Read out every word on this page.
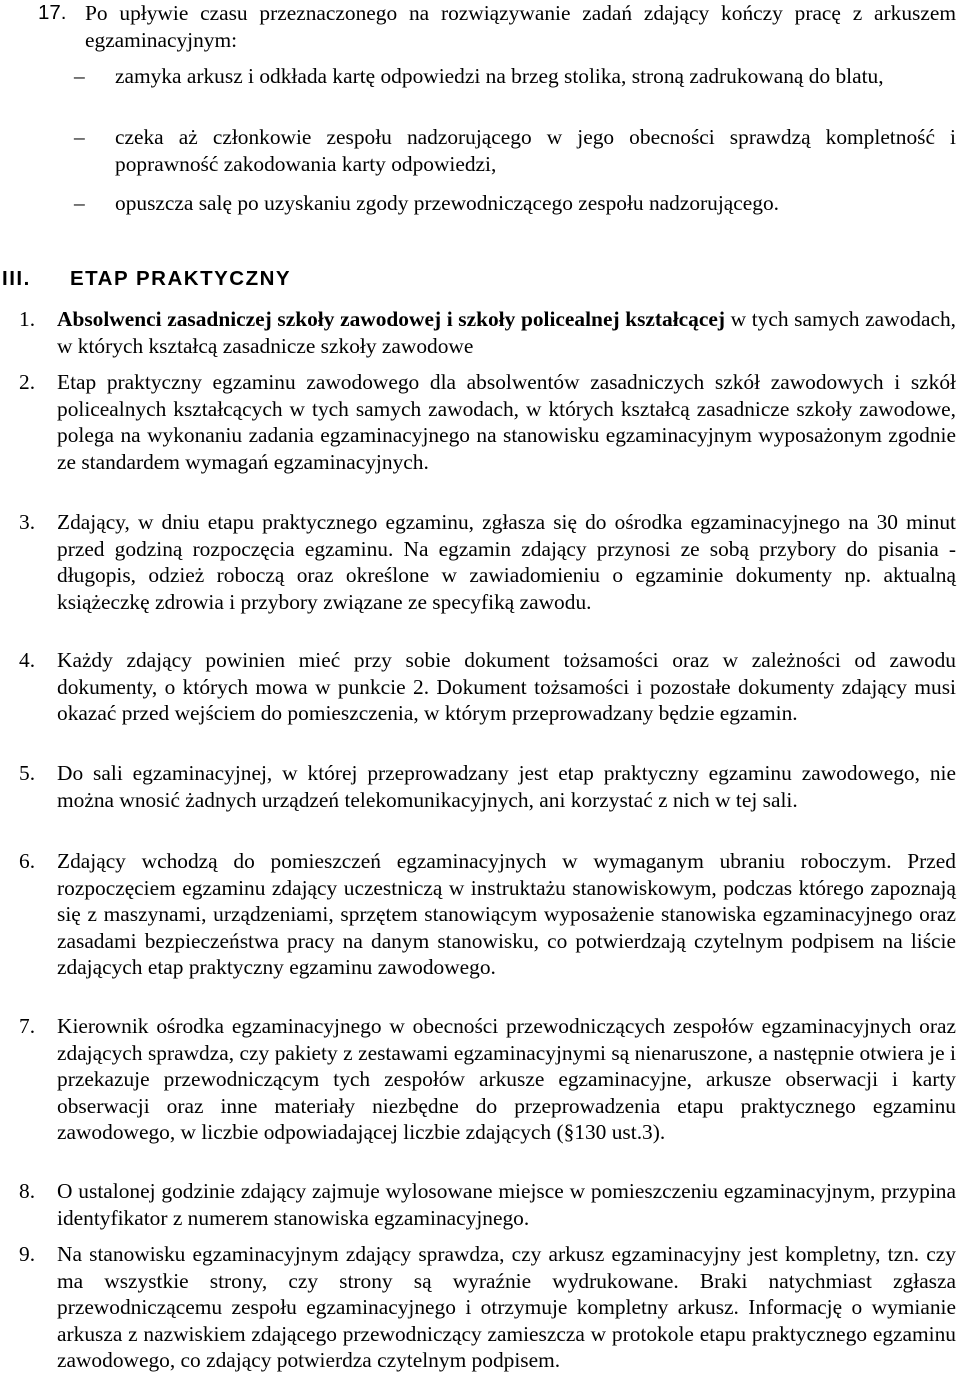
17. Po upływie czasu przeznaczonego na rozwiązywanie zadań zdający kończy pracę z arkuszem egzaminacyjnym:

– zamyka arkusz i odkłada kartę odpowiedzi na brzeg stolika, stroną zadrukowaną do blatu,
– czeka aż członkowie zespołu nadzorującego w jego obecności sprawdzą kompletność i poprawność zakodowania karty odpowiedzi,
– opuszcza salę po uzyskaniu zgody przewodniczącego zespołu nadzorującego.
III. ETAP PRAKTYCZNY
1. Absolwenci zasadniczej szkoły zawodowej i szkoły policealnej kształcącej w tych samych zawodach, w których kształcą zasadnicze szkoły zawodowe
2. Etap praktyczny egzaminu zawodowego dla absolwentów zasadniczych szkół zawodowych i szkół policealnych kształcących w tych samych zawodach, w których kształcą zasadnicze szkoły zawodowe, polega na wykonaniu zadania egzaminacyjnego na stanowisku egzaminacyjnym wyposażonym zgodnie ze standardem wymagań egzaminacyjnych.
3. Zdający, w dniu etapu praktycznego egzaminu, zgłasza się do ośrodka egzaminacyjnego na 30 minut przed godziną rozpoczęcia egzaminu. Na egzamin zdający przynosi ze sobą przybory do pisania - długopis, odzież roboczą oraz określone w zawiadomieniu o egzaminie dokumenty np. aktualną książeczkę zdrowia i przybory związane ze specyfiką zawodu.
4. Każdy zdający powinien mieć przy sobie dokument tożsamości oraz w zależności od zawodu dokumenty, o których mowa w punkcie 2. Dokument tożsamości i pozostałe dokumenty zdający musi okazać przed wejściem do pomieszczenia, w którym przeprowadzany będzie egzamin.
5. Do sali egzaminacyjnej, w której przeprowadzany jest etap praktyczny egzaminu zawodowego, nie można wnosić żadnych urządzeń telekomunikacyjnych, ani korzystać z nich w tej sali.
6. Zdający wchodzą do pomieszczeń egzaminacyjnych w wymaganym ubraniu roboczym. Przed rozpoczęciem egzaminu zdający uczestniczą w instruktażu stanowiskowym, podczas którego zapoznają się z maszynami, urządzeniami, sprzętem stanowiącym wyposażenie stanowiska egzaminacyjnego oraz zasadami bezpieczeństwa pracy na danym stanowisku, co potwierdzają czytelnym podpisem na liście zdających etap praktyczny egzaminu zawodowego.
7. Kierownik ośrodka egzaminacyjnego w obecności przewodniczących zespołów egzaminacyjnych oraz zdających sprawdza, czy pakiety z zestawami egzaminacyjnymi są nienaruszone, a następnie otwiera je i przekazuje przewodniczącym tych zespołów arkusze egzaminacyjne, arkusze obserwacji i karty obserwacji oraz inne materiały niezbędne do przeprowadzenia etapu praktycznego egzaminu zawodowego, w liczbie odpowiadającej liczbie zdających (§130 ust.3).
8. O ustalonej godzinie zdający zajmuje wylosowane miejsce w pomieszczeniu egzaminacyjnym, przypina identyfikator z numerem stanowiska egzaminacyjnego.
9. Na stanowisku egzaminacyjnym zdający sprawdza, czy arkusz egzaminacyjny jest kompletny, tzn. czy ma wszystkie strony, czy strony są wyraźnie wydrukowane. Braki natychmiast zgłasza przewodniczącemu zespołu egzaminacyjnego i otrzymuje kompletny arkusz. Informację o wymianie arkusza z nazwiskiem zdającego przewodniczący zamieszcza w protokole etapu praktycznego egzaminu zawodowego, co zdający potwierdza czytelnym podpisem.
